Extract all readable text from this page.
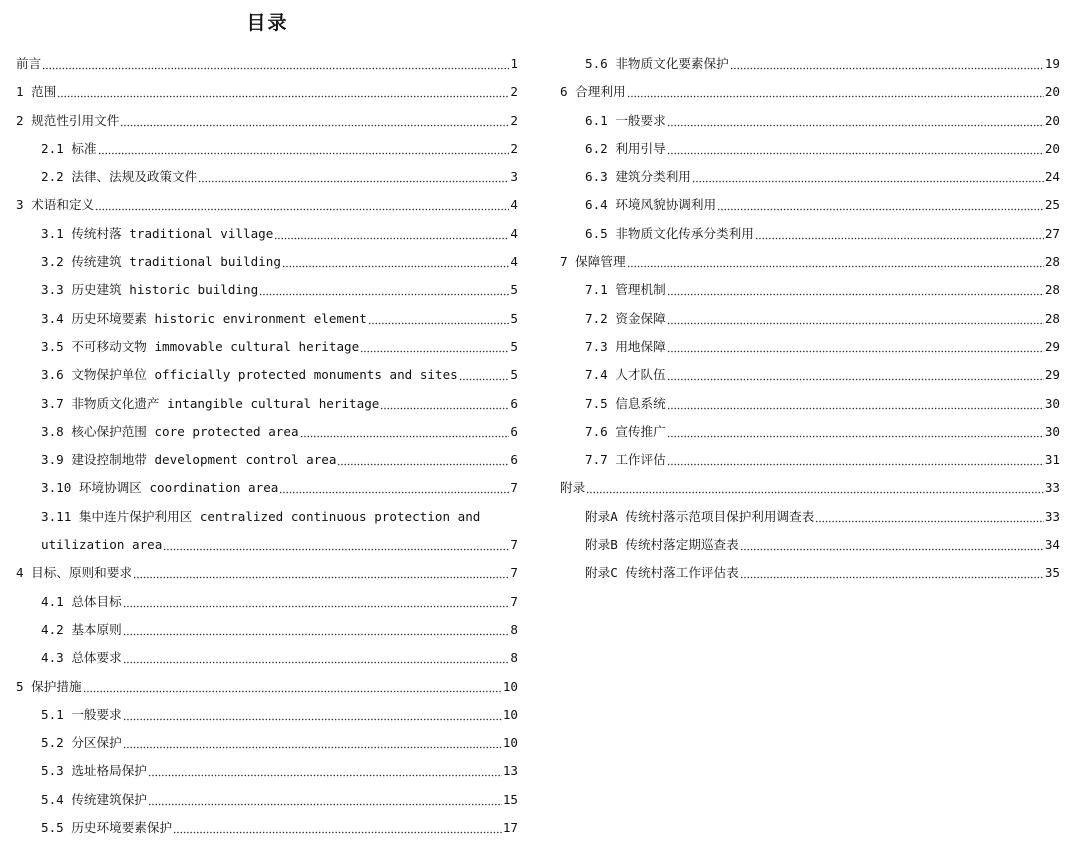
目录
前言	1
1 范围	2
2 规范性引用文件	2
2.1 标准	2
2.2 法律、法规及政策文件	3
3 术语和定义	4
3.1 传统村落 traditional village	4
3.2 传统建筑 traditional building	4
3.3 历史建筑 historic building	5
3.4 历史环境要素 historic environment element	5
3.5 不可移动文物 immovable cultural heritage	5
3.6 文物保护单位 officially protected monuments and sites	5
3.7 非物质文化遗产 intangible cultural heritage	6
3.8 核心保护范围 core protected area	6
3.9 建设控制地带 development control area	6
3.10 环境协调区 coordination area	7
3.11 集中连片保护利用区 centralized continuous protection and
utilization area	7
4 目标、原则和要求	7
4.1 总体目标	7
4.2 基本原则	8
4.3 总体要求	8
5 保护措施	10
5.1 一般要求	10
5.2 分区保护	10
5.3 选址格局保护	13
5.4 传统建筑保护	15
5.5 历史环境要素保护	17
5.6 非物质文化要素保护	19
6 合理利用	20
6.1 一般要求	20
6.2 利用引导	20
6.3 建筑分类利用	24
6.4 环境风貌协调利用	25
6.5 非物质文化传承分类利用	27
7 保障管理	28
7.1 管理机制	28
7.2 资金保障	28
7.3 用地保障	29
7.4 人才队伍	29
7.5 信息系统	30
7.6 宣传推广	30
7.7 工作评估	31
附录	33
附录A 传统村落示范项目保护利用调查表	33
附录B 传统村落定期巡查表	34
附录C 传统村落工作评估表	35
